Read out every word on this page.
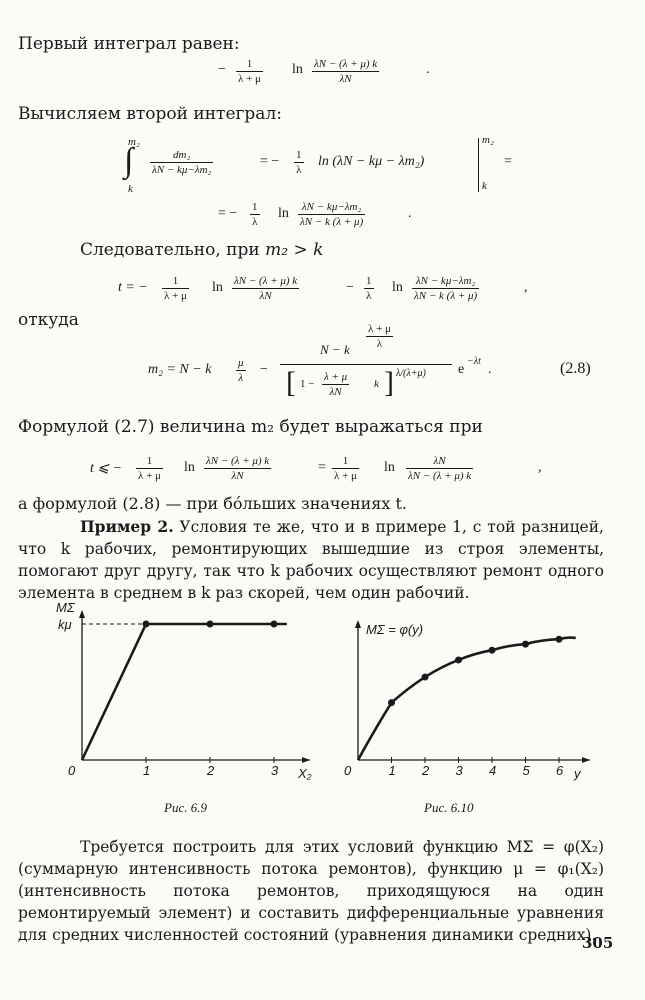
Первый интеграл равен:
− $\frac{1}{\lambda + \mu}$ $\ln \frac{\lambda N - (\lambda + \mu) k}{\lambda N}$	.
Вычисляем второй интеграл:
m₂
∫
k
$\frac{\text{dm₂}}{\text{λN − kμ−λm₂}}$	= − $\frac{1}{\lambda}$ ln (λN − kμ − λm₂)
m₂
k
=
= − $\frac{1}{\lambda}$ $\ln \frac{\text{λN − kμ−λm₂}}{\lambda N - k (\lambda + \mu)}$	.
Следовательно, при m₂ > k
t = − $\frac{1}{\lambda + \mu}$ $\ln \frac{\lambda N - (\lambda + \mu) k}{\lambda N}$	− $\frac{1}{\lambda}$ $\ln \frac{\text{λN − kμ−λm₂}}{\lambda N - k (\lambda + \mu)}$	,
откуда
m₂ = N − k $\frac{\mu}{\lambda}$ −
N − k $\frac{\lambda + \mu}{\lambda}$
[ $1 - \frac{\lambda + \mu}{\lambda N}$ k ] λ/(λ+μ) e
−λt
.	(2.8)
Формулой (2.7) величина m₂ будет выражаться при
t ⩽ − $\frac{1}{\lambda + \mu}$ $\ln \frac{\lambda N - (\lambda + \mu) k}{\lambda N}$	= $\frac{1}{\lambda + \mu}$ $\ln \frac{\lambda N}{\lambda N - (\lambda + \mu) k}$	,
а формулой (2.8) — при бóльших значениях t.
Пример 2. Условия те же, что и в примере 1, с той разницей, что k рабочих, ремонтирующих вышедшие из строя элементы, помогают друг другу, так что k рабочих осуществляют ремонт одного элемента в среднем в k раз скорей, чем один рабочий.
1	2	3
0	X₂
MΣ
kμ
1 2 3 4 5 6
0	y
MΣ = φ(y)
Рис. 6.9	Рис. 6.10
Требуется построить для этих условий функцию MΣ = φ(X₂) (суммарную интенсивность потока ремонтов), функцию μ = φ₁(X₂) (интенсивность потока ремонтов, приходящуюся на один ремонтируемый элемент) и составить дифференциальные уравнения для средних численностей состояний (уравнения динамики средних).
305
